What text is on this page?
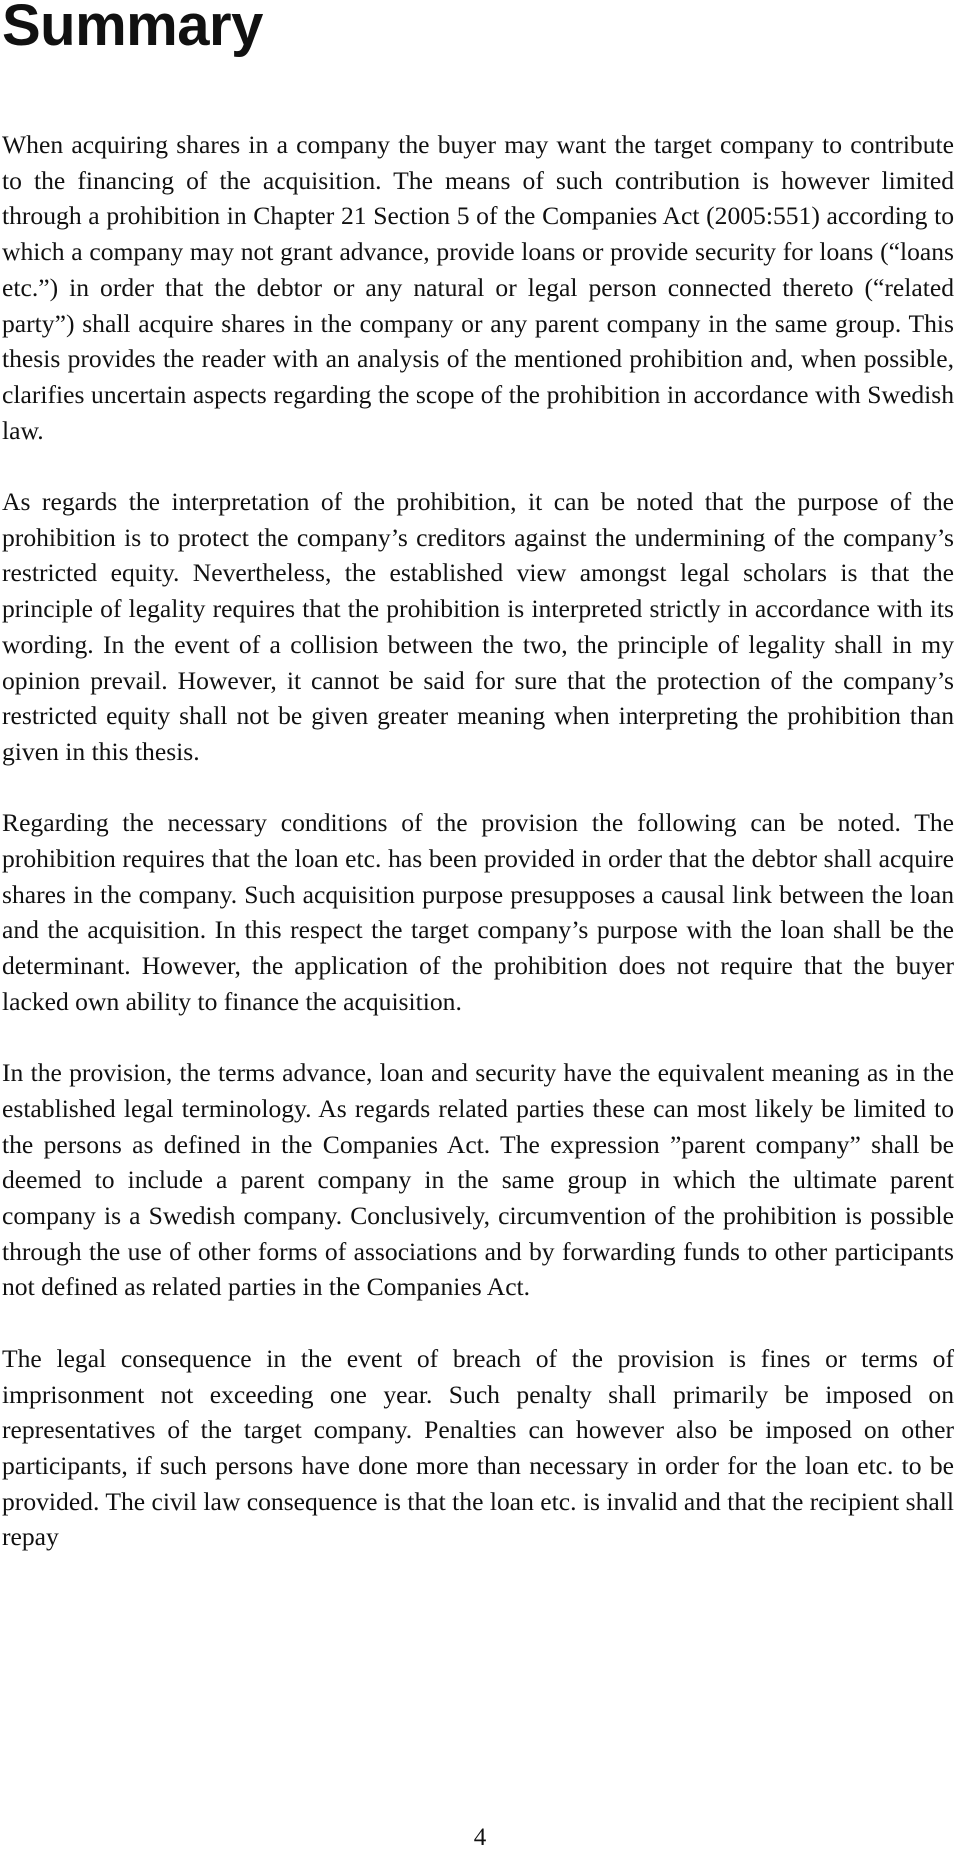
Summary

When acquiring shares in a company the buyer may want the target company to contribute to the financing of the acquisition. The means of such contribution is however limited through a prohibition in Chapter 21 Section 5 of the Companies Act (2005:551) according to which a company may not grant advance, provide loans or provide security for loans (“loans etc.”) in order that the debtor or any natural or legal person connected thereto (“related party”) shall acquire shares in the company or any parent company in the same group. This thesis provides the reader with an analysis of the mentioned prohibition and, when possible, clarifies uncertain aspects regarding the scope of the prohibition in accordance with Swedish law.

As regards the interpretation of the prohibition, it can be noted that the purpose of the prohibition is to protect the company’s creditors against the undermining of the company’s restricted equity. Nevertheless, the established view amongst legal scholars is that the principle of legality requires that the prohibition is interpreted strictly in accordance with its wording. In the event of a collision between the two, the principle of legality shall in my opinion prevail. However, it cannot be said for sure that the protection of the company’s restricted equity shall not be given greater meaning when interpreting the prohibition than given in this thesis.

Regarding the necessary conditions of the provision the following can be noted. The prohibition requires that the loan etc. has been provided in order that the debtor shall acquire shares in the company. Such acquisition purpose presupposes a causal link between the loan and the acquisition. In this respect the target company’s purpose with the loan shall be the determinant. However, the application of the prohibition does not require that the buyer lacked own ability to finance the acquisition.

In the provision, the terms advance, loan and security have the equivalent meaning as in the established legal terminology. As regards related parties these can most likely be limited to the persons as defined in the Companies Act. The expression ”parent company” shall be deemed to include a parent company in the same group in which the ultimate parent company is a Swedish company. Conclusively, circumvention of the prohibition is possible through the use of other forms of associations and by forwarding funds to other participants not defined as related parties in the Companies Act.

The legal consequence in the event of breach of the provision is fines or terms of imprisonment not exceeding one year. Such penalty shall primarily be imposed on representatives of the target company. Penalties can however also be imposed on other participants, if such persons have done more than necessary in order for the loan etc. to be provided. The civil law consequence is that the loan etc. is invalid and that the recipient shall repay

4
